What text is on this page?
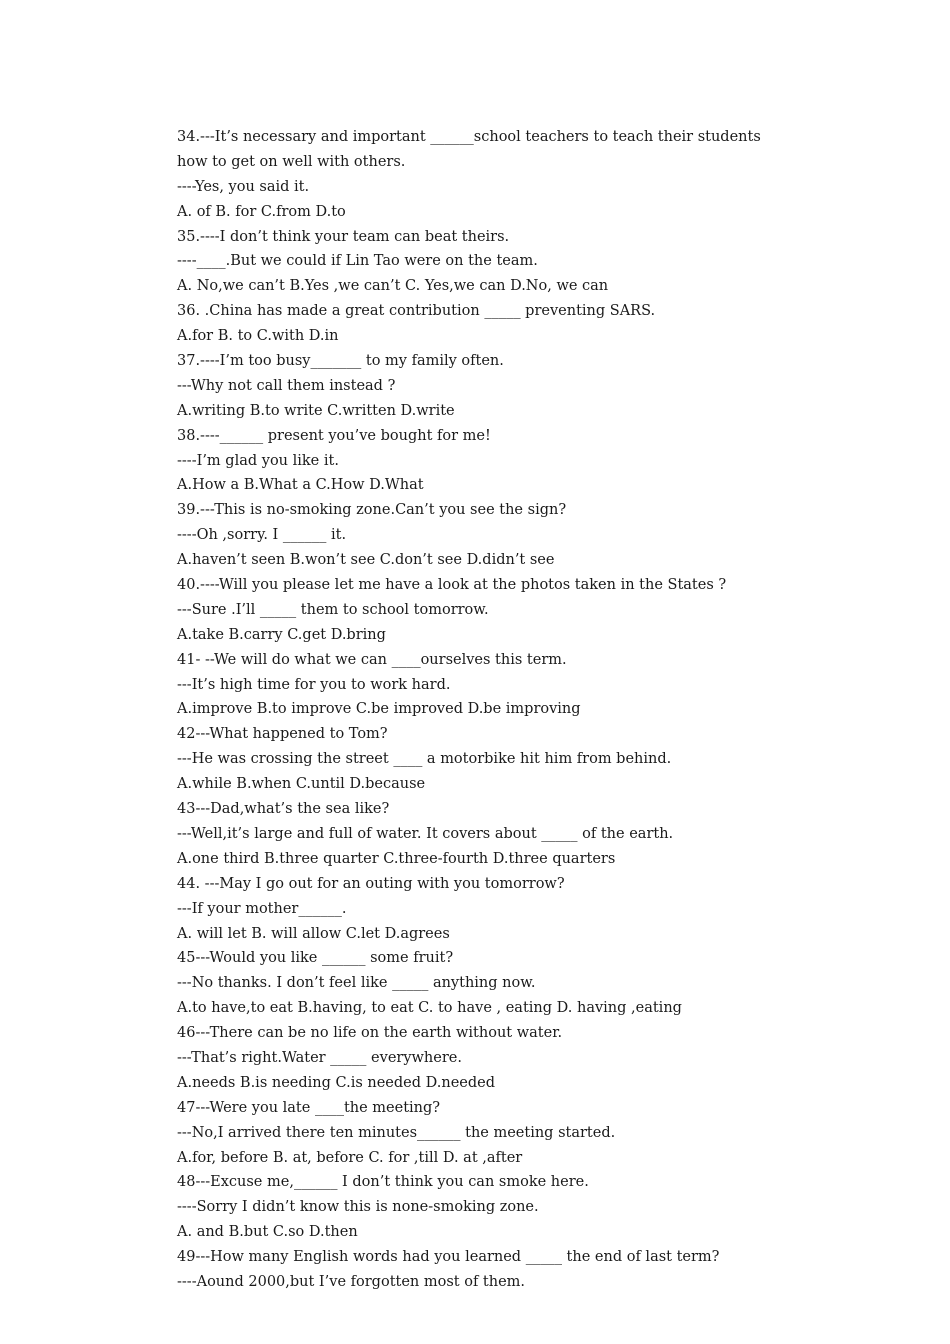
34.---It’s necessary and important ______school teachers to teach their students
how to get on well with others.
----Yes, you said it.
A. of B. for C.from D.to
35.----I don’t think your team can beat theirs.
----____.But we could if Lin Tao were on the team.
A. No,we can’t B.Yes ,we can’t C. Yes,we can D.No, we can
36. .China has made a great contribution _____ preventing SARS.
A.for B. to C.with D.in
37.----I’m too busy_______ to my family often.
---Why not call them instead ?
A.writing B.to write C.written D.write
38.----______ present you’ve bought for me!
----I’m glad you like it.
A.How a B.What a C.How D.What
39.---This is no-smoking zone.Can’t you see the sign?
----Oh ,sorry. I ______ it.
A.haven’t seen B.won’t see C.don’t see D.didn’t see
40.----Will you please let me have a look at the photos taken in the States ?
---Sure .I’ll _____ them to school tomorrow.
A.take B.carry C.get D.bring
41- --We will do what we can ____ourselves this term.
---It’s high time for you to work hard.
A.improve B.to improve C.be improved D.be improving
42---What happened to Tom?
---He was crossing the street ____ a motorbike hit him from behind.
A.while B.when C.until D.because
43---Dad,what’s the sea like?
---Well,it’s large and full of water. It covers about _____ of the earth.
A.one third B.three quarter C.three-fourth D.three quarters
44. ---May I go out for an outing with you tomorrow?
---If your mother______.
A. will let B. will allow C.let D.agrees
45---Would you like ______ some fruit?
---No thanks. I don’t feel like _____ anything now.
A.to have,to eat B.having, to eat C. to have , eating D. having ,eating
46---There can be no life on the earth without water.
---That’s right.Water _____ everywhere.
A.needs B.is needing C.is needed D.needed
47---Were you late ____the meeting?
---No,I arrived there ten minutes______ the meeting started.
A.for, before B. at, before C. for ,till D. at ,after
48---Excuse me,______ I don’t think you can smoke here.
----Sorry I didn’t know this is none-smoking zone.
A. and B.but C.so D.then
49---How many English words had you learned _____ the end of last term?
----Aound 2000,but I’ve forgotten most of them.
